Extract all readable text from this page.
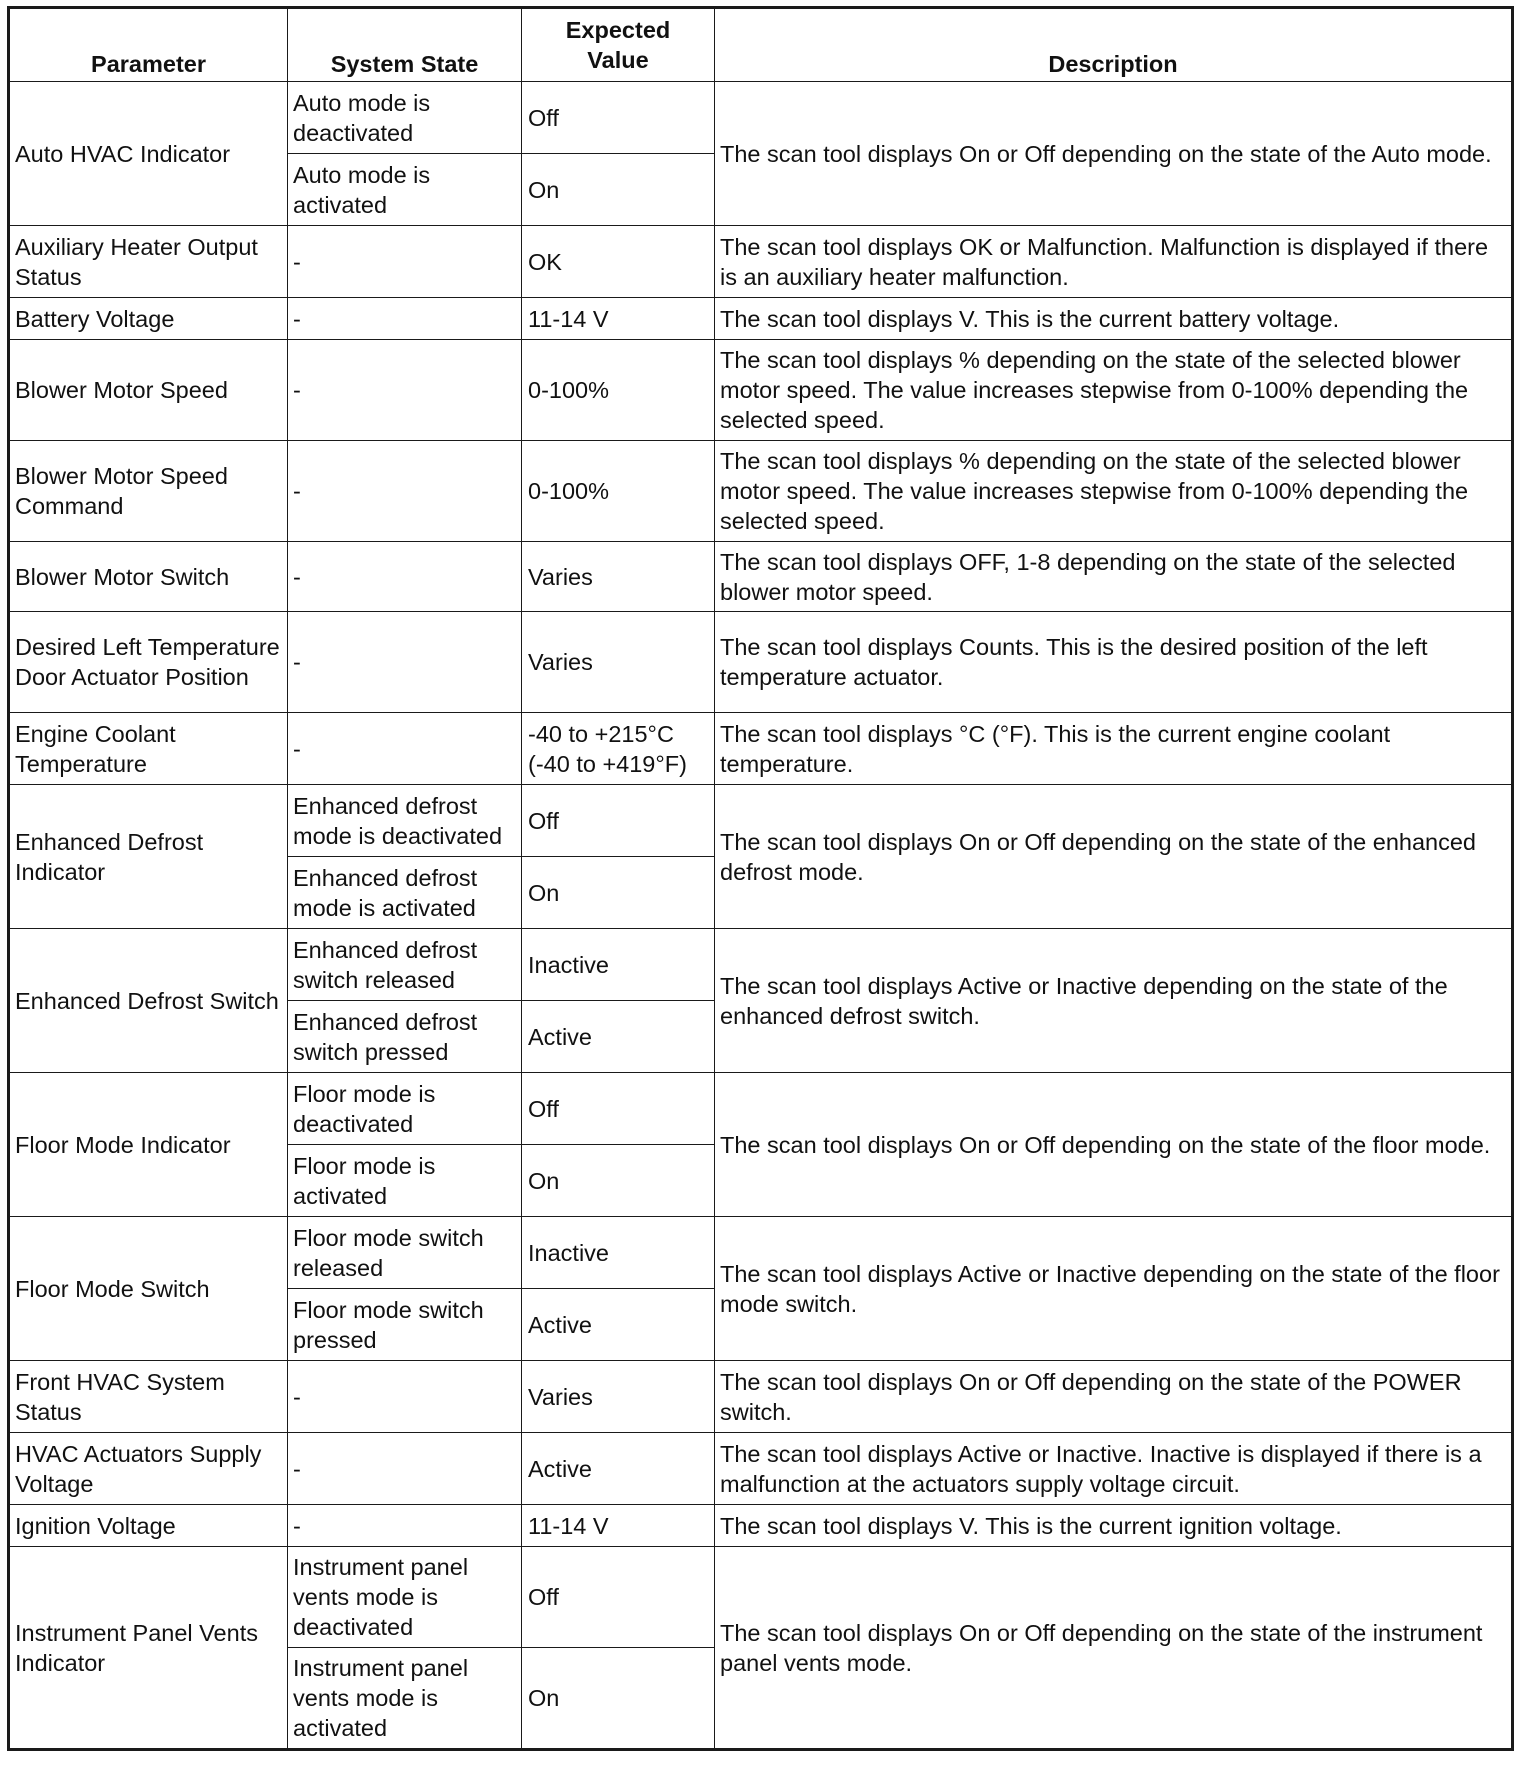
Parameter	System State	Expected Value	Description
Auto HVAC Indicator	Auto mode is deactivated	Off	The scan tool displays On or Off depending on the state of the Auto mode.
	Auto mode is activated	On	
Auxiliary Heater Output Status	-	OK	The scan tool displays OK or Malfunction. Malfunction is displayed if there is an auxiliary heater malfunction.
Battery Voltage	-	11-14 V	The scan tool displays V. This is the current battery voltage.
Blower Motor Speed	-	0-100%	The scan tool displays % depending on the state of the selected blower motor speed. The value increases stepwise from 0-100% depending the selected speed.
Blower Motor Speed Command	-	0-100%	The scan tool displays % depending on the state of the selected blower motor speed. The value increases stepwise from 0-100% depending the selected speed.
Blower Motor Switch	-	Varies	The scan tool displays OFF, 1-8 depending on the state of the selected blower motor speed.
Desired Left Temperature Door Actuator Position	-	Varies	The scan tool displays Counts. This is the desired position of the left temperature actuator.
Engine Coolant Temperature	-	-40 to +215°C (-40 to +419°F)	The scan tool displays °C (°F). This is the current engine coolant temperature.
Enhanced Defrost Indicator	Enhanced defrost mode is deactivated	Off	The scan tool displays On or Off depending on the state of the enhanced defrost mode.
	Enhanced defrost mode is activated	On	
Enhanced Defrost Switch	Enhanced defrost switch released	Inactive	The scan tool displays Active or Inactive depending on the state of the enhanced defrost switch.
	Enhanced defrost switch pressed	Active	
Floor Mode Indicator	Floor mode is deactivated	Off	The scan tool displays On or Off depending on the state of the floor mode.
	Floor mode is activated	On	
Floor Mode Switch	Floor mode switch released	Inactive	The scan tool displays Active or Inactive depending on the state of the floor mode switch.
	Floor mode switch pressed	Active	
Front HVAC System Status	-	Varies	The scan tool displays On or Off depending on the state of the POWER switch.
HVAC Actuators Supply Voltage	-	Active	The scan tool displays Active or Inactive. Inactive is displayed if there is a malfunction at the actuators supply voltage circuit.
Ignition Voltage	-	11-14 V	The scan tool displays V. This is the current ignition voltage.
Instrument Panel Vents Indicator	Instrument panel vents mode is deactivated	Off	The scan tool displays On or Off depending on the state of the instrument panel vents mode.
	Instrument panel vents mode is activated	On	
